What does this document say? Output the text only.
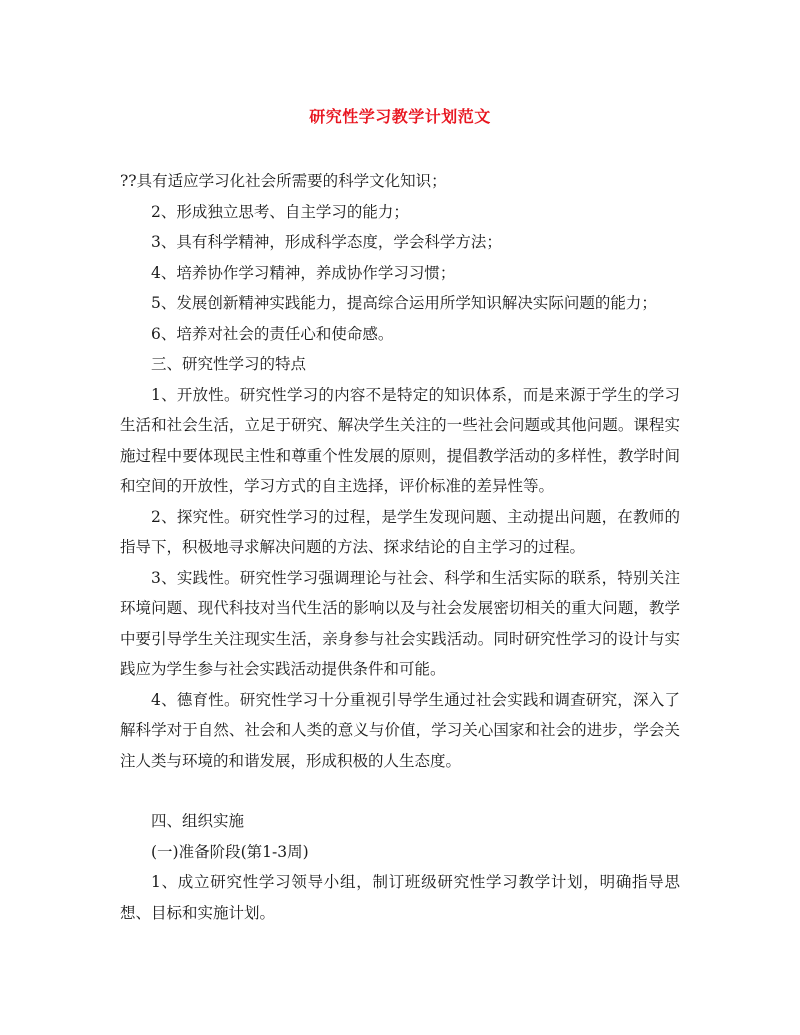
研究性学习教学计划范文

??具有适应学习化社会所需要的科学文化知识；

2、形成独立思考、自主学习的能力；

3、具有科学精神，形成科学态度，学会科学方法；

4、培养协作学习精神，养成协作学习习惯；

5、发展创新精神实践能力，提高综合运用所学知识解决实际问题的能力；

6、培养对社会的责任心和使命感。

三、研究性学习的特点

1、开放性。研究性学习的内容不是特定的知识体系，而是来源于学生的学习生活和社会生活，立足于研究、解决学生关注的一些社会问题或其他问题。课程实施过程中要体现民主性和尊重个性发展的原则，提倡教学活动的多样性，教学时间和空间的开放性，学习方式的自主选择，评价标准的差异性等。

2、探究性。研究性学习的过程，是学生发现问题、主动提出问题，在教师的指导下，积极地寻求解决问题的方法、探求结论的自主学习的过程。

3、实践性。研究性学习强调理论与社会、科学和生活实际的联系，特别关注环境问题、现代科技对当代生活的影响以及与社会发展密切相关的重大问题，教学中要引导学生关注现实生活，亲身参与社会实践活动。同时研究性学习的设计与实践应为学生参与社会实践活动提供条件和可能。

4、德育性。研究性学习十分重视引导学生通过社会实践和调查研究，深入了解科学对于自然、社会和人类的意义与价值，学习关心国家和社会的进步，学会关注人类与环境的和谐发展，形成积极的人生态度。

四、组织实施

(一)准备阶段(第1-3周)

1、成立研究性学习领导小组，制订班级研究性学习教学计划，明确指导思想、目标和实施计划。
